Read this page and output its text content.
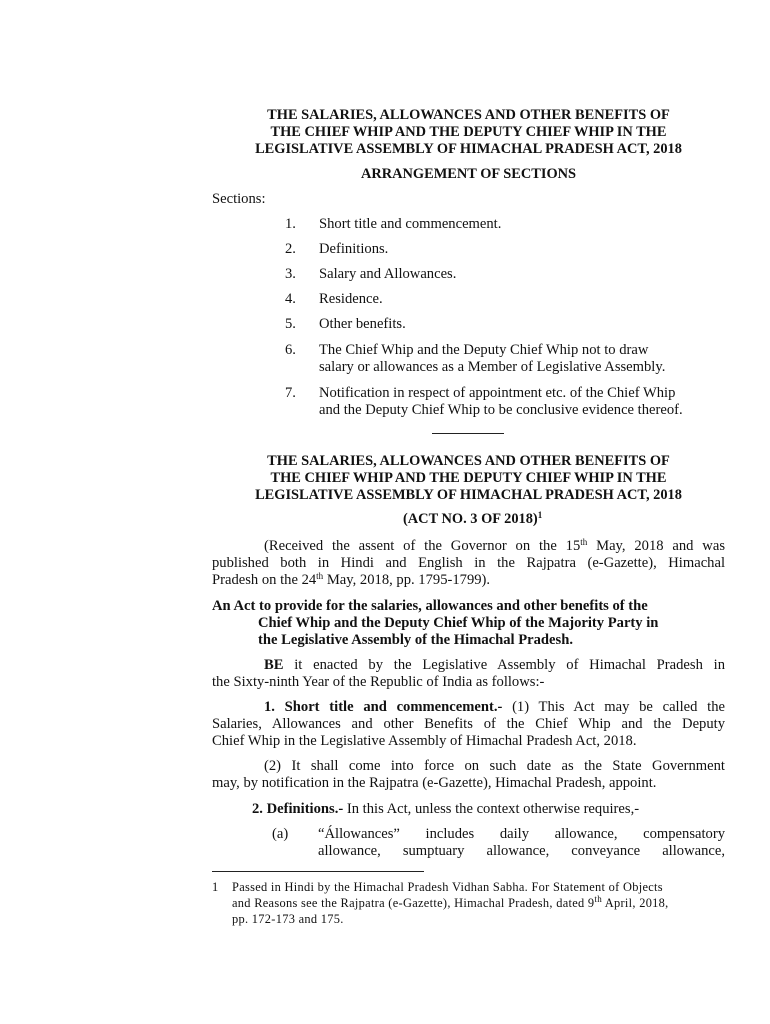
THE SALARIES, ALLOWANCES AND OTHER BENEFITS OF
THE CHIEF WHIP AND THE DEPUTY CHIEF WHIP IN THE
LEGISLATIVE ASSEMBLY OF HIMACHAL PRADESH ACT, 2018
ARRANGEMENT OF SECTIONS
Sections:
1.	Short title and commencement.
2.	Definitions.
3.	Salary and Allowances.
4.	Residence.
5.	Other benefits.
6.	The Chief Whip and the Deputy Chief Whip not to draw
salary or allowances as a Member of Legislative Assembly.
7.	Notification in respect of appointment etc. of the Chief Whip
and the Deputy Chief Whip to be conclusive evidence thereof.
THE SALARIES, ALLOWANCES AND OTHER BENEFITS OF
THE CHIEF WHIP AND THE DEPUTY CHIEF WHIP IN THE
LEGISLATIVE ASSEMBLY OF HIMACHAL PRADESH ACT, 2018
(ACT NO. 3 OF 2018)$^1$
(Received the assent of the Governor on the 15th May, 2018 and was
published both in Hindi and English in the Rajpatra (e-Gazette), Himachal
Pradesh on the 24th May, 2018, pp. 1795-1799).
An Act to provide for the salaries, allowances and other benefits of the
Chief Whip and the Deputy Chief Whip of the Majority Party in
the Legislative Assembly of the Himachal Pradesh.
BE it enacted by the Legislative Assembly of Himachal Pradesh in
the Sixty-ninth Year of the Republic of India as follows:-
1. Short title and commencement.- (1) This Act may be called the
Salaries, Allowances and other Benefits of the Chief Whip and the Deputy
Chief Whip in the Legislative Assembly of Himachal Pradesh Act, 2018.
(2) It shall come into force on such date as the State Government
may, by notification in the Rajpatra (e-Gazette), Himachal Pradesh, appoint.
2. Definitions.- In this Act, unless the context otherwise requires,-
(a) “Állowances” includes daily allowance, compensatory
allowance, sumptuary allowance, conveyance allowance,
1 Passed in Hindi by the Himachal Pradesh Vidhan Sabha. For Statement of Objects
and Reasons see the Rajpatra (e-Gazette), Himachal Pradesh, dated 9th April, 2018,
pp. 172-173 and 175.
